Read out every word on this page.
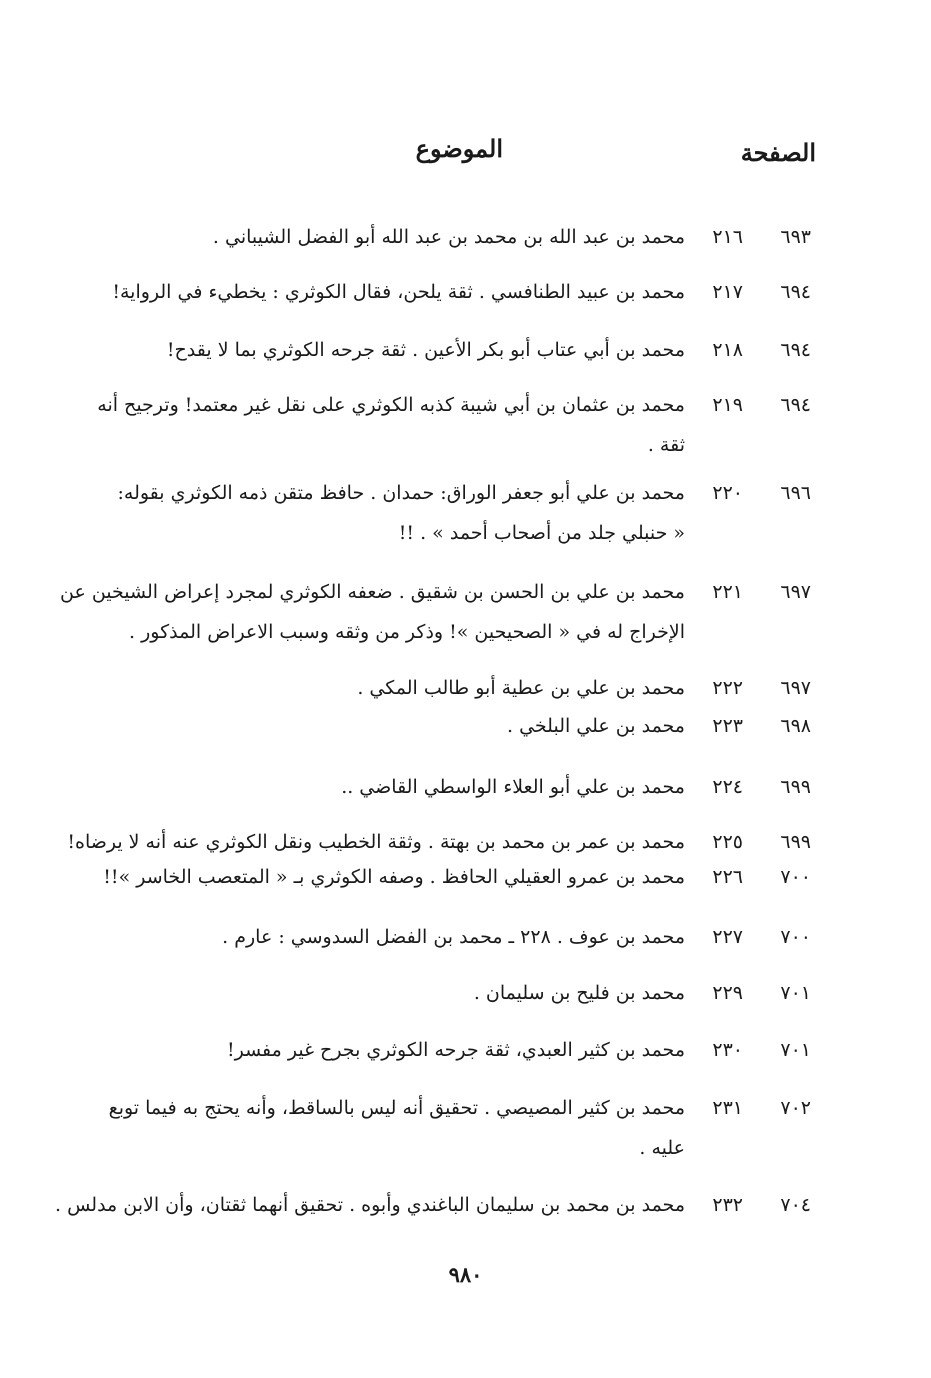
الصفحة
الموضوع
٦٩٣
٢١٦
محمد بن عبد الله بن محمد بن عبد الله أبو الفضل الشيباني .
٦٩٤
٢١٧
محمد بن عبيد الطنافسي . ثقة يلحن، فقال الكوثري : يخطيء في الرواية!
٦٩٤
٢١٨
محمد بن أبي عتاب أبو بكر الأعين . ثقة جرحه الكوثري بما لا يقدح!
٦٩٤
٢١٩
محمد بن عثمان بن أبي شيبة كذبه الكوثري على نقل غير معتمد! وترجيح أنه
ثقة .
٦٩٦
٢٢٠
محمد بن علي أبو جعفر الوراق: حمدان . حافظ متقن ذمه الكوثري بقوله:
« حنبلي جلد من أصحاب أحمد » . !!
٦٩٧
٢٢١
محمد بن علي بن الحسن بن شقيق . ضعفه الكوثري لمجرد إعراض الشيخين عن
الإخراج له في « الصحيحين »! وذكر من وثقه وسبب الاعراض المذكور .
٦٩٧
٢٢٢
محمد بن علي بن عطية أبو طالب المكي .
٦٩٨
٢٢٣
محمد بن علي البلخي .
٦٩٩
٢٢٤
محمد بن علي أبو العلاء الواسطي القاضي ..
٦٩٩
٢٢٥
محمد بن عمر بن محمد بن بهتة . وثقة الخطيب ونقل الكوثري عنه أنه لا يرضاه!
٧٠٠
٢٢٦
محمد بن عمرو العقيلي الحافظ . وصفه الكوثري بـ « المتعصب الخاسر »!!
٧٠٠
٢٢٧
محمد بن عوف . ٢٢٨ ـ محمد بن الفضل السدوسي : عارم .
٧٠١
٢٢٩
محمد بن فليح بن سليمان .
٧٠١
٢٣٠
محمد بن كثير العبدي، ثقة جرحه الكوثري بجرح غير مفسر!
٧٠٢
٢٣١
محمد بن كثير المصيصي . تحقيق أنه ليس بالساقط، وأنه يحتج به فيما توبع
عليه .
٧٠٤
٢٣٢
محمد بن محمد بن سليمان الباغندي وأبوه . تحقيق أنهما ثقتان، وأن الابن مدلس .
٩٨٠
